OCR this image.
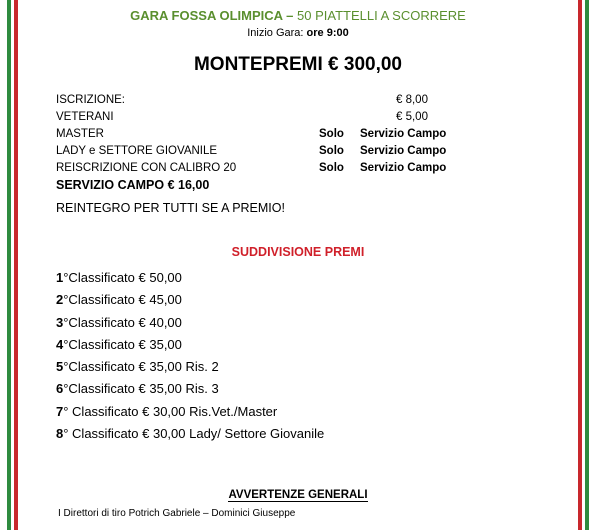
GARA FOSSA OLIMPICA – 50 PIATTELLI A SCORRERE
Inizio Gara: ore 9:00
MONTEPREMI € 300,00
ISCRIZIONE:	€ 8,00
VETERANI	€ 5,00
MASTER	Solo Servizio Campo
LADY e SETTORE GIOVANILE	Solo Servizio Campo
REISCRIZIONE CON CALIBRO 20	Solo Servizio Campo
SERVIZIO CAMPO € 16,00
REINTEGRO PER TUTTI SE A PREMIO!
SUDDIVISIONE PREMI
1°Classificato € 50,00
2°Classificato € 45,00
3°Classificato € 40,00
4°Classificato € 35,00
5°Classificato € 35,00 Ris. 2
6°Classificato € 35,00 Ris. 3
7° Classificato € 30,00 Ris.Vet./Master
8° Classificato € 30,00 Lady/ Settore Giovanile
AVVERTENZE GENERALI
I Direttori di tiro Potrich Gabriele – Dominici Giuseppe
